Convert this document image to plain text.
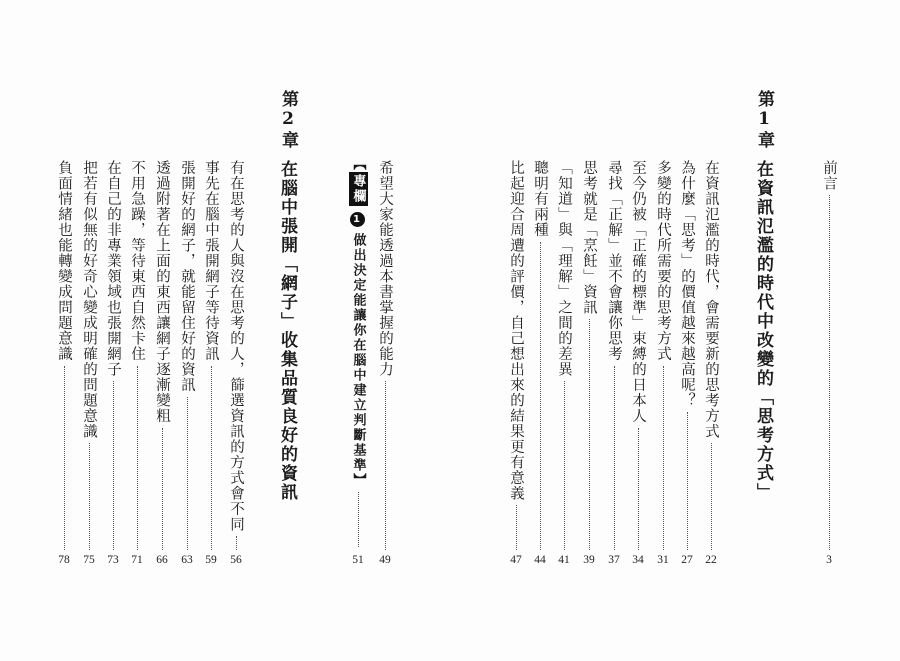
前言
3
第1章
在資訊氾濫的時代中改變的「思考方式」
在資訊氾濫的時代，會需要新的思考方式
22
為什麼「思考」的價值越來越高呢？
27
多變的時代所需要的思考方式
31
至今仍被「正確的標準」束縛的日本人
34
尋找「正解」並不會讓你思考
37
思考就是「烹飪」資訊
39
「知道」與「理解」之間的差異
41
聰明有兩種
44
比起迎合周遭的評價，自己想出來的結果更有意義
47
希望大家能透過本書掌握的能力
49
【專欄1做出決定能讓你在腦中建立判斷基準】
51
第2章
在腦中張開「網子」收集品質良好的資訊
有在思考的人與沒在思考的人，篩選資訊的方式會不同
56
事先在腦中張開網子等待資訊
59
張開好的網子，就能留住好的資訊
63
透過附著在上面的東西讓網子逐漸變粗
66
不用急躁，等待東西自然卡住
71
在自己的非專業領域也張開網子
73
把若有似無的好奇心變成明確的問題意識
75
負面情緒也能轉變成問題意識
78
